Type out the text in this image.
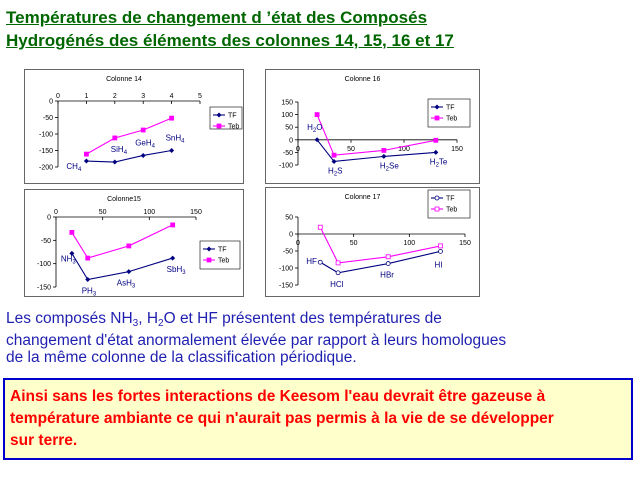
Températures de changement d ’état des Composés
Hydrogénés des éléments des colonnes 14, 15, 16 et 17
Colonne 14
0
-50
-100
-150
-200
0	1	2	3	4	5
$CH_4$
SiH$_4$
GeH$_4$
SnH$_4$
TF
Teb
Colonne 16
150
100
50
0
-50
-100
0	50	100	150
$H_2O$
$H_2S$
$H_2Se$	$H_2Te$
TF
Teb
Colonne15
0
-50
-100
-150
0	50	100	150
$NH_3$
$PH_3$
AsH$_3$
SbH$_3$
TF
Teb
Colonne 17
50
0
-50
-100
-150
0	50	100	150
HF
HCl
HBr
HI
TF
Teb
Les composés $NH_3$, $H_2O$ et HF présentent des températures de
changement d'état anormalement élevée par rapport à leurs homologues
de la même colonne de la classification périodique.
Ainsi sans les fortes interactions de Keesom l'eau devrait être gazeuse à
température ambiante ce qui n'aurait pas permis à la vie de se développer
sur terre.
